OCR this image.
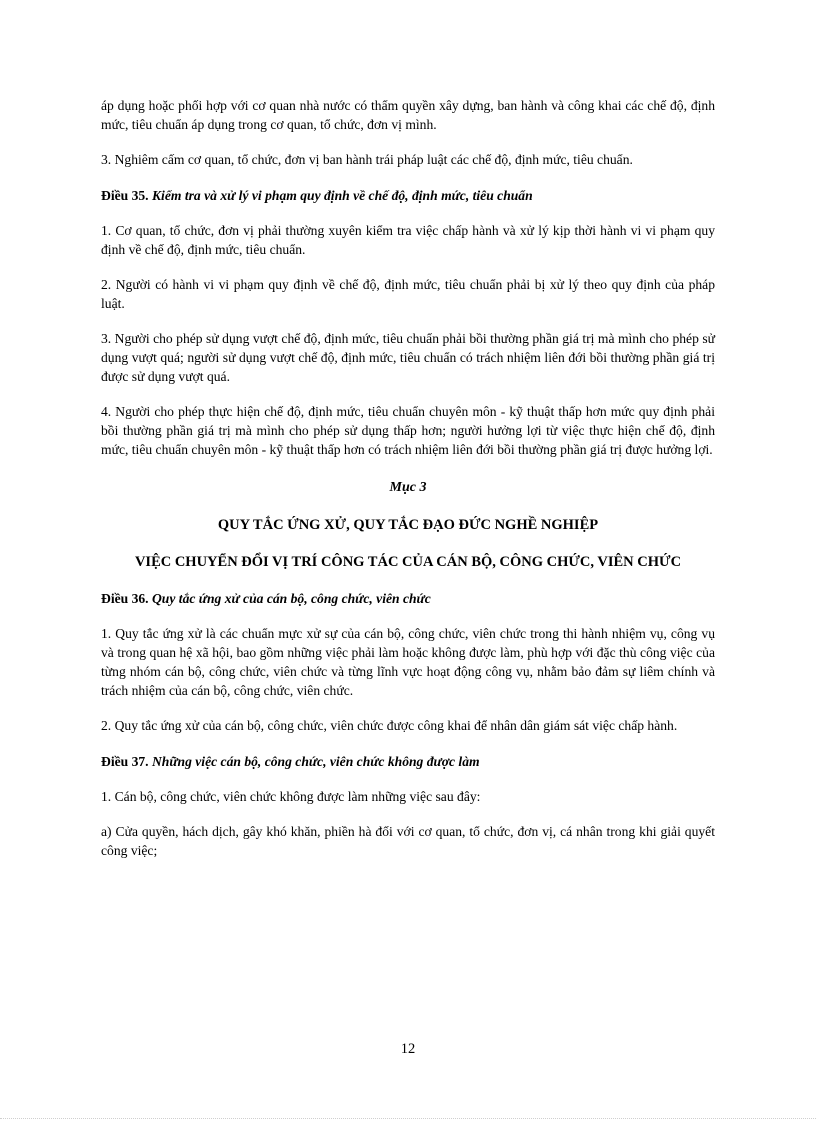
áp dụng hoặc phối hợp với cơ quan nhà nước có thẩm quyền xây dựng, ban hành và công khai các chế độ, định mức, tiêu chuẩn áp dụng trong cơ quan, tổ chức, đơn vị mình.

3. Nghiêm cấm cơ quan, tổ chức, đơn vị ban hành trái pháp luật các chế độ, định mức, tiêu chuẩn.

Điều 35. Kiểm tra và xử lý vi phạm quy định về chế độ, định mức, tiêu chuẩn

1. Cơ quan, tổ chức, đơn vị phải thường xuyên kiểm tra việc chấp hành và xử lý kịp thời hành vi vi phạm quy định về chế độ, định mức, tiêu chuẩn.

2. Người có hành vi vi phạm quy định về chế độ, định mức, tiêu chuẩn phải bị xử lý theo quy định của pháp luật.

3. Người cho phép sử dụng vượt chế độ, định mức, tiêu chuẩn phải bồi thường phần giá trị mà mình cho phép sử dụng vượt quá; người sử dụng vượt chế độ, định mức, tiêu chuẩn có trách nhiệm liên đới bồi thường phần giá trị được sử dụng vượt quá.

4. Người cho phép thực hiện chế độ, định mức, tiêu chuẩn chuyên môn - kỹ thuật thấp hơn mức quy định phải bồi thường phần giá trị mà mình cho phép sử dụng thấp hơn; người hưởng lợi từ việc thực hiện chế độ, định mức, tiêu chuẩn chuyên môn - kỹ thuật thấp hơn có trách nhiệm liên đới bồi thường phần giá trị được hưởng lợi.

Mục 3
QUY TẮC ỨNG XỬ, QUY TẮC ĐẠO ĐỨC NGHỀ NGHIỆP
VIỆC CHUYỂN ĐỔI VỊ TRÍ CÔNG TÁC CỦA CÁN BỘ, CÔNG CHỨC, VIÊN CHỨC
Điều 36. Quy tắc ứng xử của cán bộ, công chức, viên chức

1. Quy tắc ứng xử là các chuẩn mực xử sự của cán bộ, công chức, viên chức trong thi hành nhiệm vụ, công vụ và trong quan hệ xã hội, bao gồm những việc phải làm hoặc không được làm, phù hợp với đặc thù công việc của từng nhóm cán bộ, công chức, viên chức và từng lĩnh vực hoạt động công vụ, nhằm bảo đảm sự liêm chính và trách nhiệm của cán bộ, công chức, viên chức.

2. Quy tắc ứng xử của cán bộ, công chức, viên chức được công khai để nhân dân giám sát việc chấp hành.

Điều 37. Những việc cán bộ, công chức, viên chức không được làm

1. Cán bộ, công chức, viên chức không được làm những việc sau đây:

a) Cửa quyền, hách dịch, gây khó khăn, phiền hà đối với cơ quan, tổ chức, đơn vị, cá nhân trong khi giải quyết công việc;

12
